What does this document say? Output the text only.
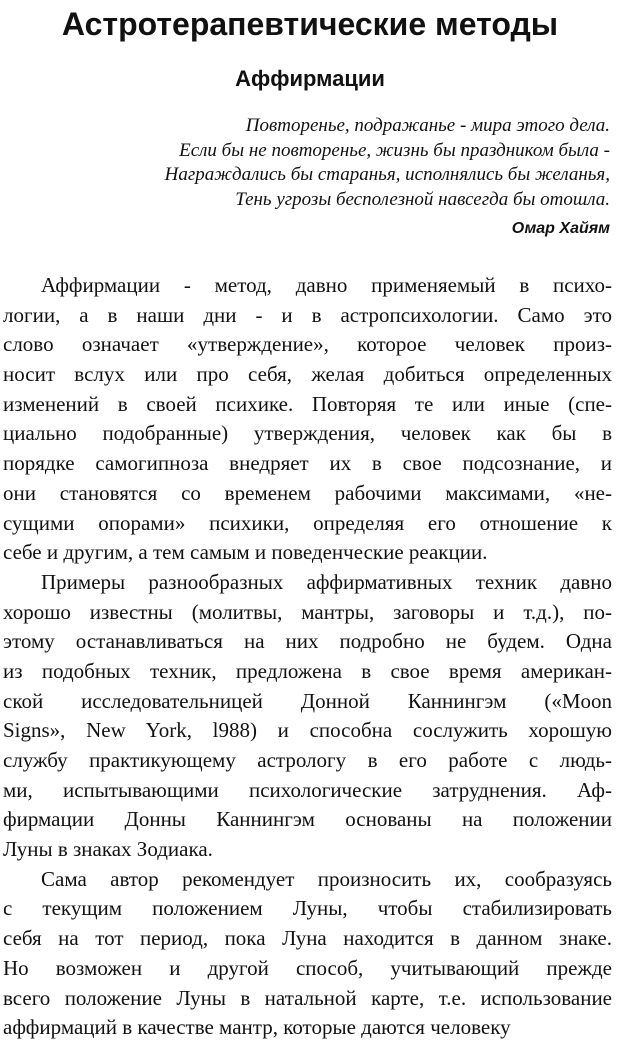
Астротерапевтические методы
Аффирмации
Повторенье, подражанье - мира этого дела.
Если бы не повторенье, жизнь бы праздником была -
Награждались бы старанья, исполнялись бы желанья,
Тень угрозы бесполезной навсегда бы отошла.
Омар Хайям
Аффирмации - метод, давно применяемый в психо-
логии, а в наши дни - и в астропсихологии. Само это
слово означает «утверждение», которое человек произ-
носит вслух или про себя, желая добиться определенных
изменений в своей психике. Повторяя те или иные (спе-
циально подобранные) утверждения, человек как бы в
порядке самогипноза внедряет их в свое подсознание, и
они становятся со временем рабочими максимами, «не-
сущими опорами» психики, определяя его отношение к
себе и другим, а тем самым и поведенческие реакции.
Примеры разнообразных аффирмативных техник давно
хорошо известны (молитвы, мантры, заговоры и т.д.), по-
этому останавливаться на них подробно не будем. Одна
из подобных техник, предложена в свое время американ-
ской исследовательницей Донной Каннингэм («Moon
Signs», New York, l988) и способна сослужить хорошую
службу практикующему астрологу в его работе с людь-
ми, испытывающими психологические затруднения. Аф-
фирмации Донны Каннингэм основаны на положении
Луны в знаках Зодиака.
Сама автор рекомендует произносить их, сообразуясь
с текущим положением Луны, чтобы стабилизировать
себя на тот период, пока Луна находится в данном знаке.
Но возможен и другой способ, учитывающий прежде
всего положение Луны в натальной карте, т.е. использование
аффирмаций в качестве мантр, которые даются человеку
